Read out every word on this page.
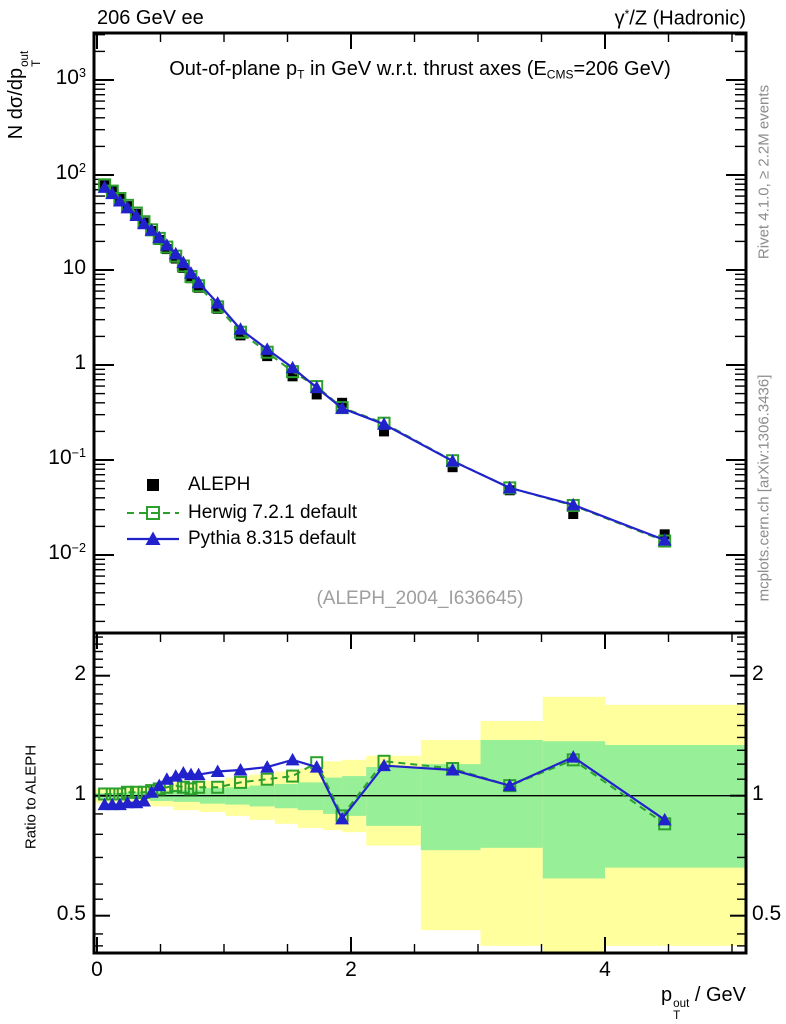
206 GeV ee	γ*/Z (Hadronic)
Out-of-plane $p_T$ in GeV w.r.t. thrust axes ($E_{CMS}=206$ GeV)
N dσ/dp
out T
Ratio to ALEPH
p out
T
/ GeV
(ALEPH_2004_I636645)
Rivet 4.1.0, ≥ 2.2M events
mcplots.cern.ch [arXiv:1306.3436]
ALEPH
Herwig 7.2.1 default
Pythia 8.315 default
$10^3$
$10^2$
10
1
$10^{-1}$
$10^{-2}$
0	2	4
2	2
1	1
0.5	0.5
